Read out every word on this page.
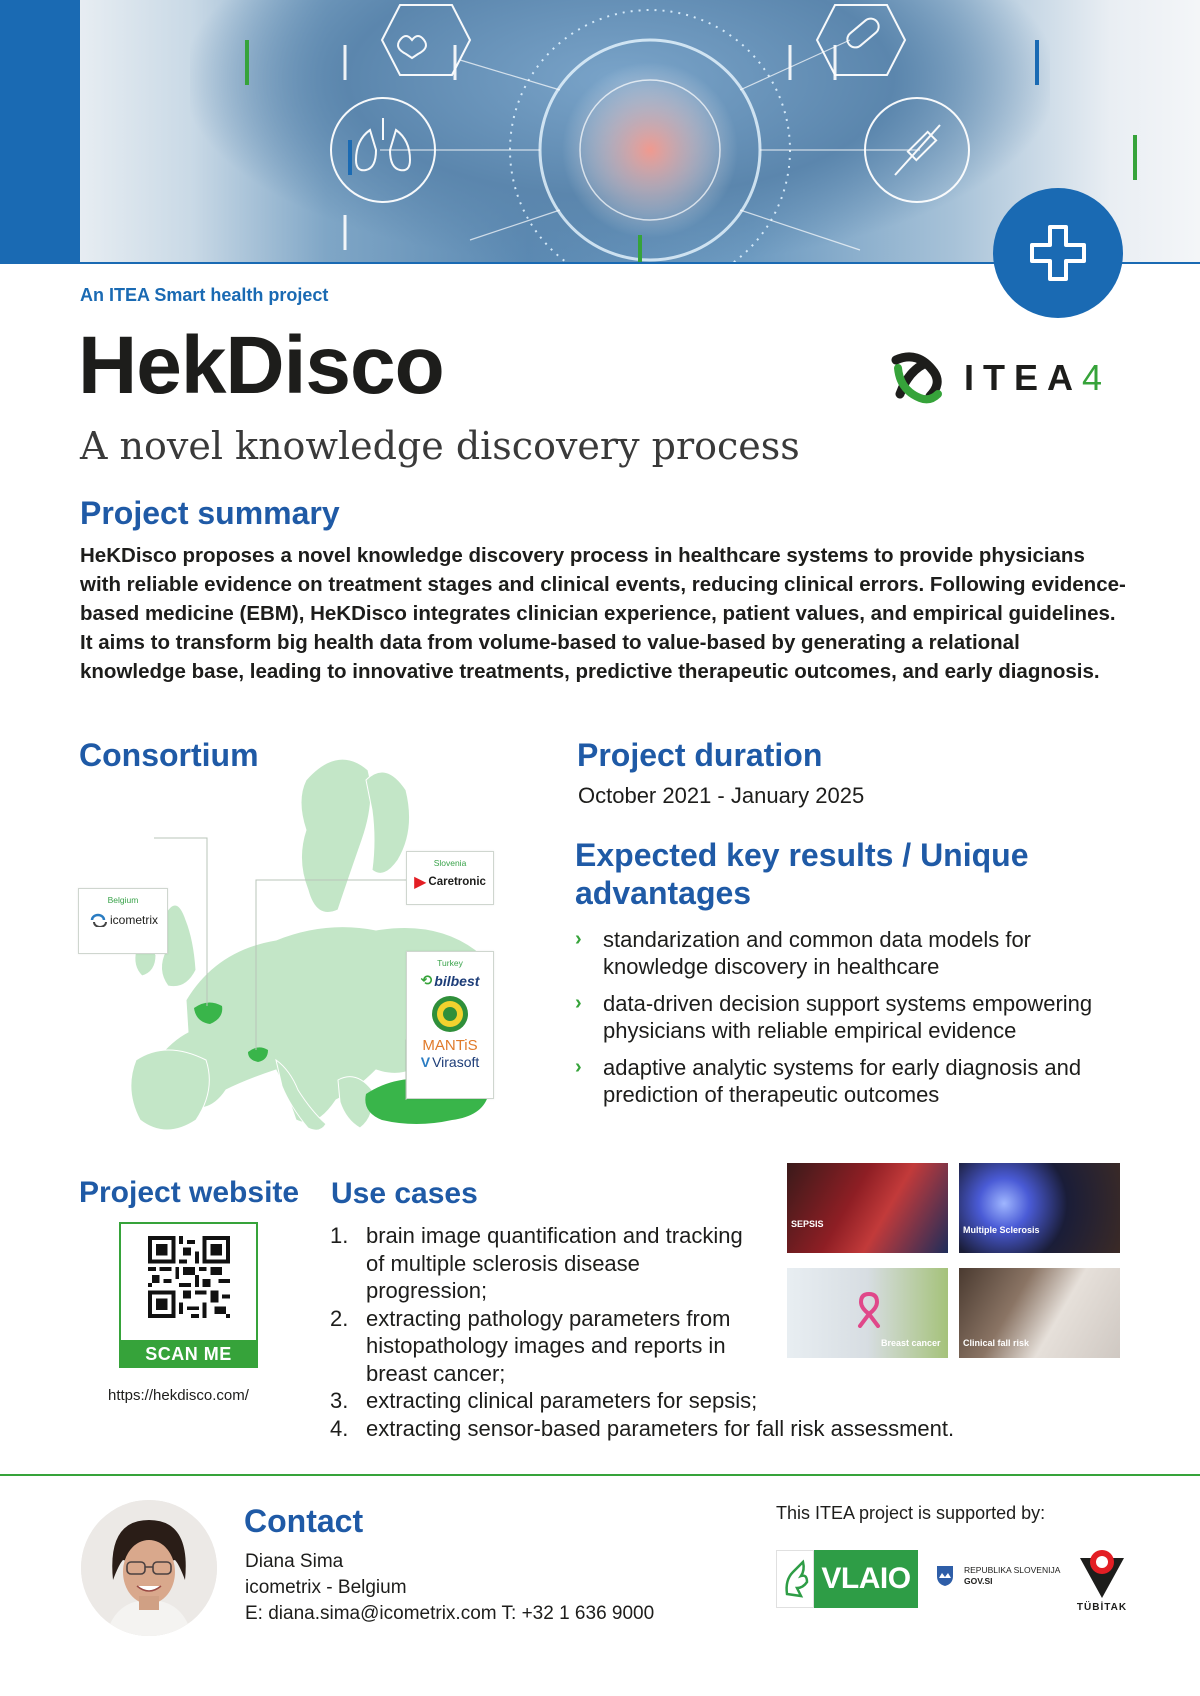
An ITEA Smart health project
HekDisco
A novel knowledge discovery process
ITEA4
Project summary

HeKDisco proposes a novel knowledge discovery process in healthcare systems to provide physicians with reliable evidence on treatment stages and clinical events, reducing clinical errors. Following evidence-based medicine (EBM), HeKDisco integrates clinician experience, patient values, and empirical guidelines. It aims to transform big health data from volume-based to value-based by generating a relational knowledge base, leading to innovative treatments, predictive therapeutic outcomes, and early diagnosis.

Consortium
Belgium
icometrix
Slovenia
▶ Caretronic
Turkey
⟲ bilbest
MANTiS
V Virasoft
Project duration
October 2021 - January 2025
Expected key results / Unique advantages
› standarization and common data models for knowledge discovery in healthcare
› data-driven decision support systems empowering physicians with reliable empirical evidence
› adaptive analytic systems for early diagnosis and prediction of therapeutic outcomes
Project website
SCAN ME
https://hekdisco.com/
Use cases
1. brain image quantification and tracking of multiple sclerosis disease progression;
2. extracting pathology parameters from histopathology images and reports in breast cancer;
3. extracting clinical parameters for sepsis;
4. extracting sensor-based parameters for fall risk assessment.
SEPSIS
Multiple Sclerosis
Breast cancer Clinical fall risk
Contact
Diana Sima
icometrix - Belgium
E: diana.sima@icometrix.com T: +32 1 636 9000
This ITEA project is supported by:
VLAIO	REPUBLIKA SLOVENIJA
GOV.SI
TÜBİTAK
